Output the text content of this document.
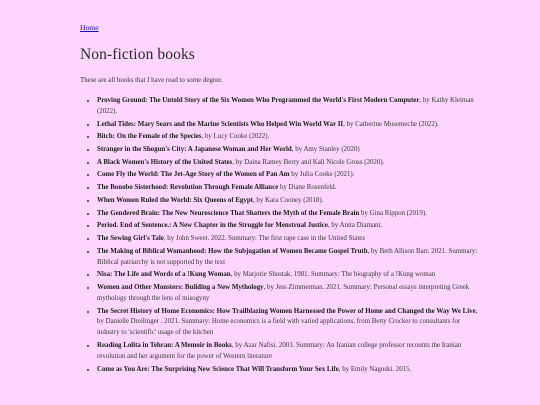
Home
Non-fiction books

These are all books that I have read to some degree.

• Proving Ground: The Untold Story of the Six Women Who Programmed the World's First Modern Computer, by Kathy Kleiman (2022).
• Lethal Tides: Mary Sears and the Marine Scientists Who Helped Win World War II, by Catherine Musemeche (2022).
• Bitch: On the Female of the Species, by Lucy Cooke (2022).
• Stranger in the Shogun's City: A Japanese Woman and Her World, by Amy Stanley (2020)
• A Black Women's History of the United States, by Daina Ramey Berry and Kali Nicole Gross (2020).
• Come Fly the World: The Jet-Age Story of the Women of Pan Am by Julia Cooke (2021).
• The Bonobo Sisterhood: Revolution Through Female Alliance by Diane Rosenfeld.
• When Women Ruled the World: Six Queens of Egypt, by Kara Cooney (2018).
• The Gendered Brain: The New Neuroscience That Shatters the Myth of the Female Brain by Gina Rippon (2019).
• Period. End of Sentence.: A New Chapter in the Struggle for Menstrual Justice, by Anita Diamant.
• The Sewing Girl's Tale, by John Sweet. 2022. Summary: The first rape case in the United States
• The Making of Biblical Womanhood: How the Subjugation of Women Became Gospel Truth, by Beth Allison Barr. 2021. Summary: Biblical patriarchy is not supported by the text
• Nisa: The Life and Words of a !Kung Woman, by Marjorie Shostak. 1981. Summary: The biography of a !Kung woman
• Women and Other Monsters: Building a New Mythology, by Jess Zimmerman. 2021. Summary: Personal essays interpreting Greek mythology through the lens of misogyny
• The Secret History of Home Economics: How Trailblazing Women Harnessed the Power of Home and Changed the Way We Live, by Danielle Dreilinger . 2021. Summary: Home economics is a field with varied applications, from Betty Crocker to consultants for industry to 'scientific' usage of the kitchen
• Reading Lolita in Tehran: A Memoir in Books, by Azar Nafisi. 2003. Summary: An Iranian college professor recounts the Iranian revolution and her argument for the power of Western literature
• Come as You Are: The Surprising New Science That Will Transform Your Sex Life, by Emily Nagoski. 2015.
